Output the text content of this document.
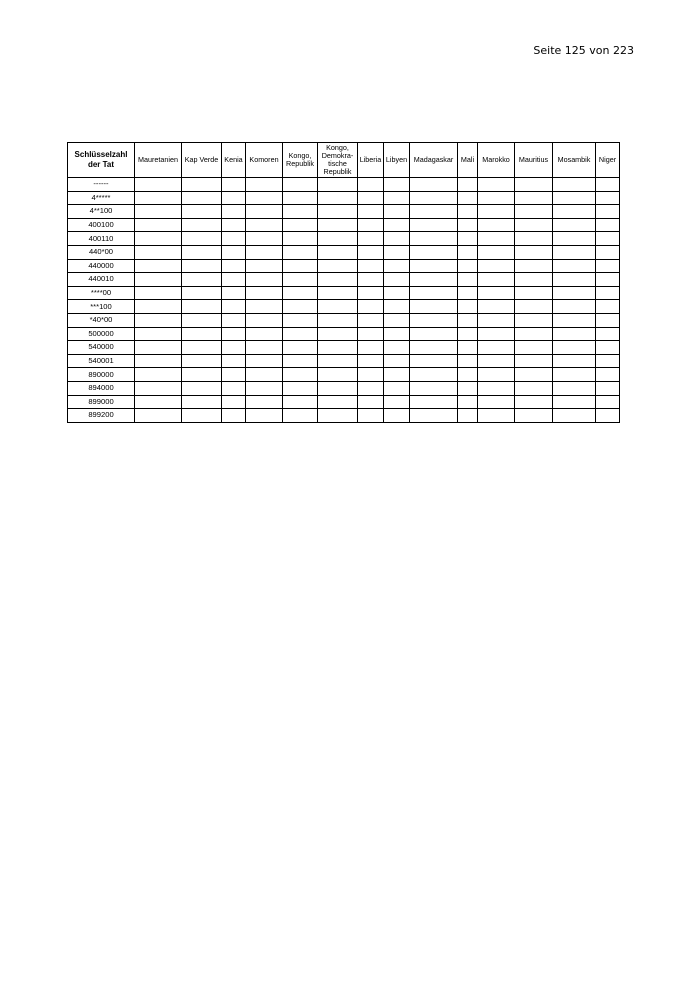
Seite 125 von 223
Schlüsselzahl der Tat	Mauretanien	Kap Verde	Kenia	Komoren	Kongo, Republik	Kongo, Demokra-tische Republik	Liberia	Libyen	Madagaskar	Mali	Marokko	Mauritius	Mosambik	Niger
------														
4*****														
4**100														
400100														
400110														
440*00														
440000														
440010														
****00														
***100														
*40*00														
500000														
540000														
540001														
890000														
894000														
899000														
899200														
